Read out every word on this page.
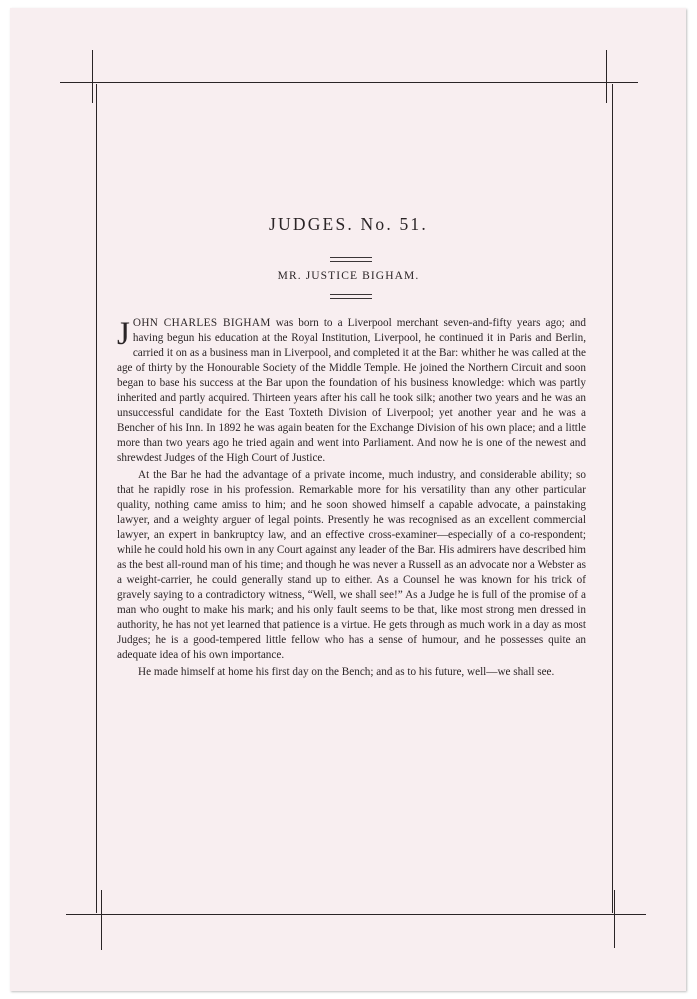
JUDGES. No. 51.
MR. JUSTICE BIGHAM.

JOHN CHARLES BIGHAM was born to a Liverpool merchant seven-and-fifty years ago; and having begun his education at the Royal Institution, Liverpool, he continued it in Paris and Berlin, carried it on as a business man in Liverpool, and completed it at the Bar: whither he was called at the age of thirty by the Honourable Society of the Middle Temple. He joined the Northern Circuit and soon began to base his success at the Bar upon the foundation of his business knowledge: which was partly inherited and partly acquired. Thirteen years after his call he took silk; another two years and he was an unsuccessful candidate for the East Toxteth Division of Liverpool; yet another year and he was a Bencher of his Inn. In 1892 he was again beaten for the Exchange Division of his own place; and a little more than two years ago he tried again and went into Parliament. And now he is one of the newest and shrewdest Judges of the High Court of Justice.

At the Bar he had the advantage of a private income, much industry, and considerable ability; so that he rapidly rose in his profession. Remarkable more for his versatility than any other particular quality, nothing came amiss to him; and he soon showed himself a capable advocate, a painstaking lawyer, and a weighty arguer of legal points. Presently he was recognised as an excellent commercial lawyer, an expert in bankruptcy law, and an effective cross-examiner—especially of a co-respondent; while he could hold his own in any Court against any leader of the Bar. His admirers have described him as the best all-round man of his time; and though he was never a Russell as an advocate nor a Webster as a weight-carrier, he could generally stand up to either. As a Counsel he was known for his trick of gravely saying to a contradictory witness, “Well, we shall see!” As a Judge he is full of the promise of a man who ought to make his mark; and his only fault seems to be that, like most strong men dressed in authority, he has not yet learned that patience is a virtue. He gets through as much work in a day as most Judges; he is a good-tempered little fellow who has a sense of humour, and he possesses quite an adequate idea of his own importance.

He made himself at home his first day on the Bench; and as to his future, well—we shall see.
